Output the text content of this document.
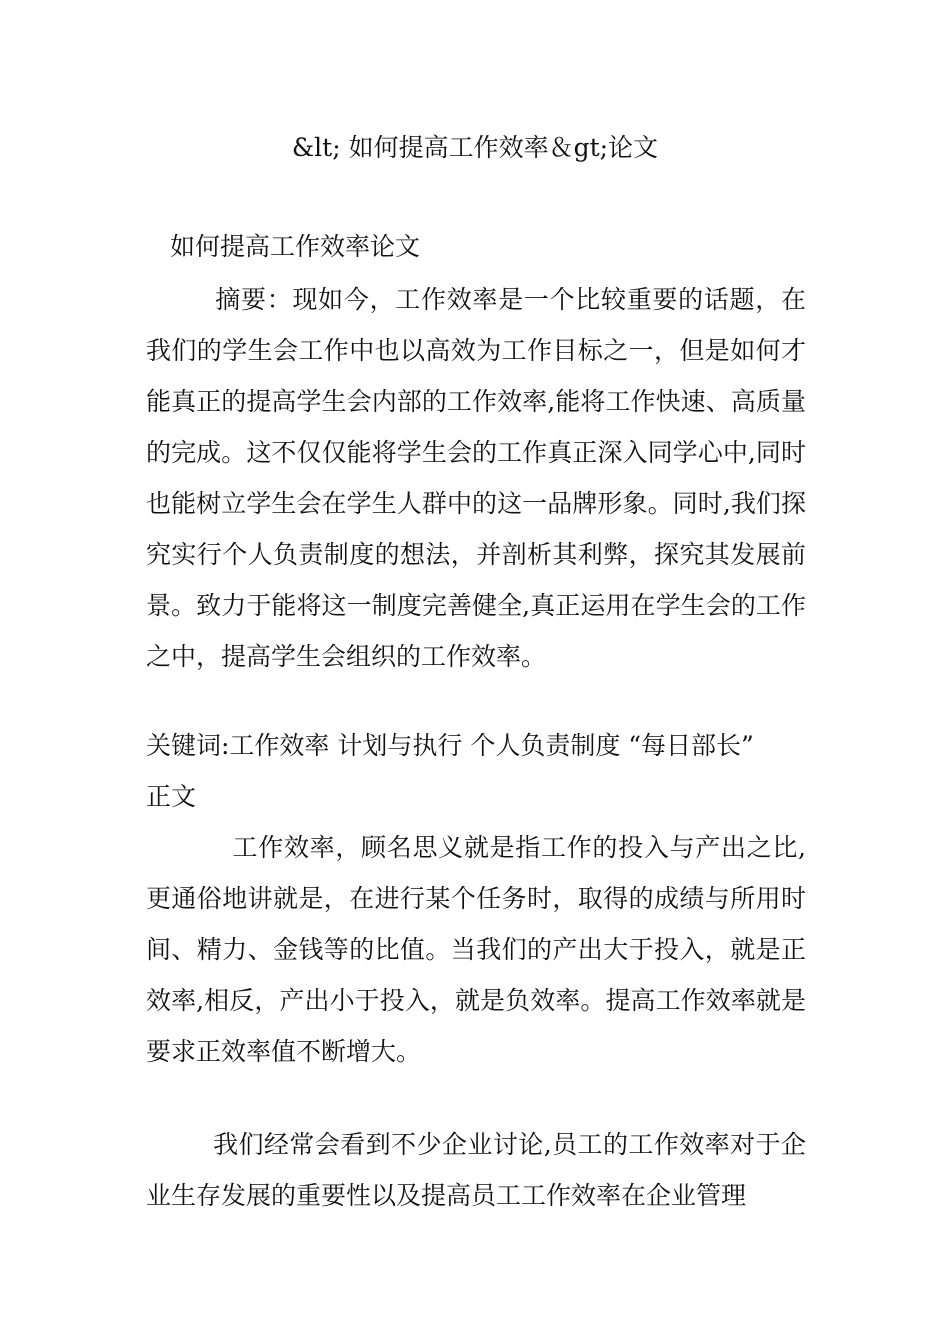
&lt; 如何提高工作效率＆gt;论文

如何提高工作效率论文

摘要：现如今，工作效率是一个比较重要的话题，在我们的学生会工作中也以高效为工作目标之一，但是如何才能真正的提高学生会内部的工作效率,能将工作快速、高质量的完成。这不仅仅能将学生会的工作真正深入同学心中,同时也能树立学生会在学生人群中的这一品牌形象。同时,我们探究实行个人负责制度的想法，并剖析其利弊，探究其发展前景。致力于能将这一制度完善健全,真正运用在学生会的工作之中，提高学生会组织的工作效率。

关键词:工作效率 计划与执行 个人负责制度 “每日部长”

正文

工作效率，顾名思义就是指工作的投入与产出之比,更通俗地讲就是，在进行某个任务时，取得的成绩与所用时间、精力、金钱等的比值。当我们的产出大于投入，就是正效率,相反，产出小于投入，就是负效率。提高工作效率就是要求正效率值不断增大。

我们经常会看到不少企业讨论,员工的工作效率对于企业生存发展的重要性以及提高员工工作效率在企业管理
